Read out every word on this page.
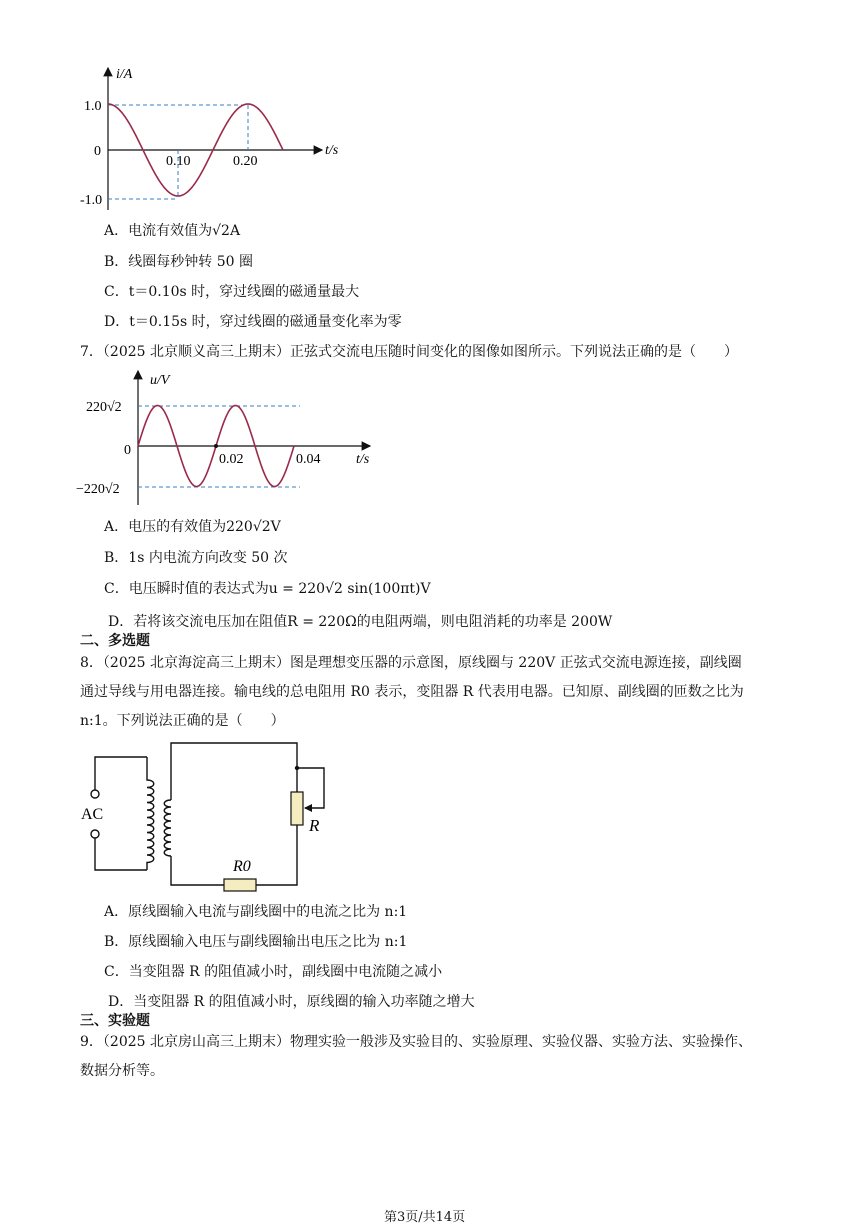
i/A
t/s
1.0
0
-1.0
0.10	0.20
A．电流有效值为√2A
B．线圈每秒钟转 50 圈
C．t＝0.10s 时，穿过线圈的磁通量最大
D．t＝0.15s 时，穿过线圈的磁通量变化率为零
7．（2025 北京顺义高三上期末）正弦式交流电压随时间变化的图像如图所示。下列说法正确的是（　　）
u/V
t/s
220√2
0
−220√2
0.02	0.04
A．电压的有效值为220√2V
B．1s 内电流方向改变 50 次
C．电压瞬时值的表达式为u = 220√2 sin(100πt)V
D．若将该交流电压加在阻值R = 220Ω的电阻两端，则电阻消耗的功率是 200W
二、多选题
8．（2025 北京海淀高三上期末）图是理想变压器的示意图，原线圈与 220V 正弦式交流电源连接，副线圈
通过导线与用电器连接。输电线的总电阻用 R0 表示，变阻器 R 代表用电器。已知原、副线圈的匝数之比为
n:1。下列说法正确的是（　　）
AC
R
R0
A．原线圈输入电流与副线圈中的电流之比为 n:1
B．原线圈输入电压与副线圈输出电压之比为 n:1
C．当变阻器 R 的阻值减小时，副线圈中电流随之减小
D．当变阻器 R 的阻值减小时，原线圈的输入功率随之增大
三、实验题
9．（2025 北京房山高三上期末）物理实验一般涉及实验目的、实验原理、实验仪器、实验方法、实验操作、
数据分析等。
第3页/共14页
